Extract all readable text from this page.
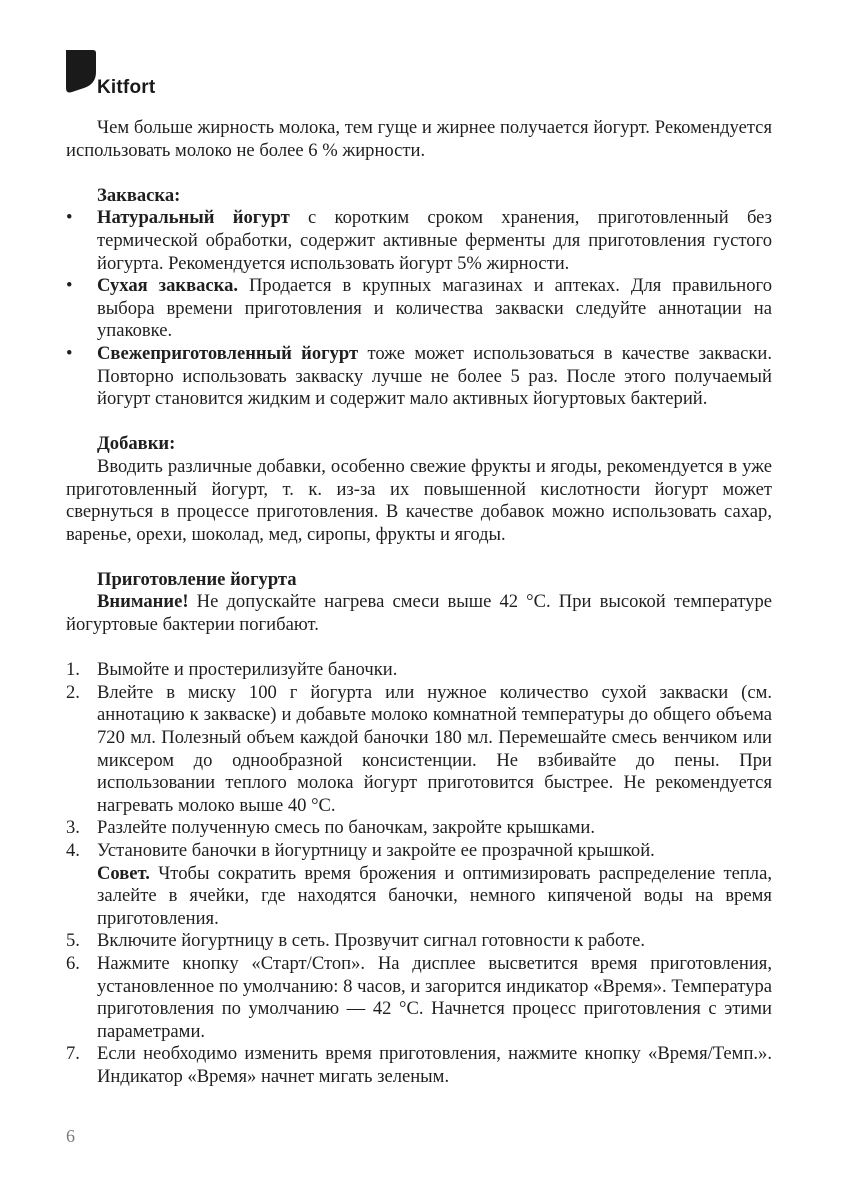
Kitfort

Чем больше жирность молока, тем гуще и жирнее получается йогурт. Рекомендуется использовать молоко не более 6 % жирности.

Закваска:
•	Натуральный йогурт с коротким сроком хранения, приготовленный без термической обработки, содержит активные ферменты для приготовления густого йогурта. Рекомендуется использовать йогурт 5% жирности.
•	Сухая закваска. Продается в крупных магазинах и аптеках. Для правильного выбора времени приготовления и количества закваски следуйте аннотации на упаковке.
•	Свежеприготовленный йогурт тоже может использоваться в качестве закваски. Повторно использовать закваску лучше не более 5 раз. После этого получаемый йогурт становится жидким и содержит мало активных йогуртовых бактерий.
Добавки:

Вводить различные добавки, особенно свежие фрукты и ягоды, рекомендуется в уже приготовленный йогурт, т. к. из-за их повышенной кислотности йогурт может свернуться в процессе приготовления. В качестве добавок можно использовать сахар, варенье, орехи, шоколад, мед, сиропы, фрукты и ягоды.

Приготовление йогурта

Внимание! Не допускайте нагрева смеси выше 42 °C. При высокой температуре йогуртовые бактерии погибают.

1. Вымойте и простерилизуйте баночки.
2. Влейте в миску 100 г йогурта или нужное количество сухой закваски (см. аннотацию к закваске) и добавьте молоко комнатной температуры до общего объема 720 мл. Полезный объем каждой баночки 180 мл. Перемешайте смесь венчиком или миксером до однообразной консистенции. Не взбивайте до пены. При использовании теплого молока йогурт приготовится быстрее. Не рекомендуется нагревать молоко выше 40 °C.
3. Разлейте полученную смесь по баночкам, закройте крышками.
4. Установите баночки в йогуртницу и закройте ее прозрачной крышкой.
Совет. Чтобы сократить время брожения и оптимизировать распределение тепла, залейте в ячейки, где находятся баночки, немного кипяченой воды на время приготовления.
5. Включите йогуртницу в сеть. Прозвучит сигнал готовности к работе.
6. Нажмите кнопку «Старт/Стоп». На дисплее высветится время приготовления, установленное по умолчанию: 8 часов, и загорится индикатор «Время». Температура приготовления по умолчанию — 42 °C. Начнется процесс приготовления с этими параметрами.
7. Если необходимо изменить время приготовления, нажмите кнопку «Время/Темп.». Индикатор «Время» начнет мигать зеленым.
6
